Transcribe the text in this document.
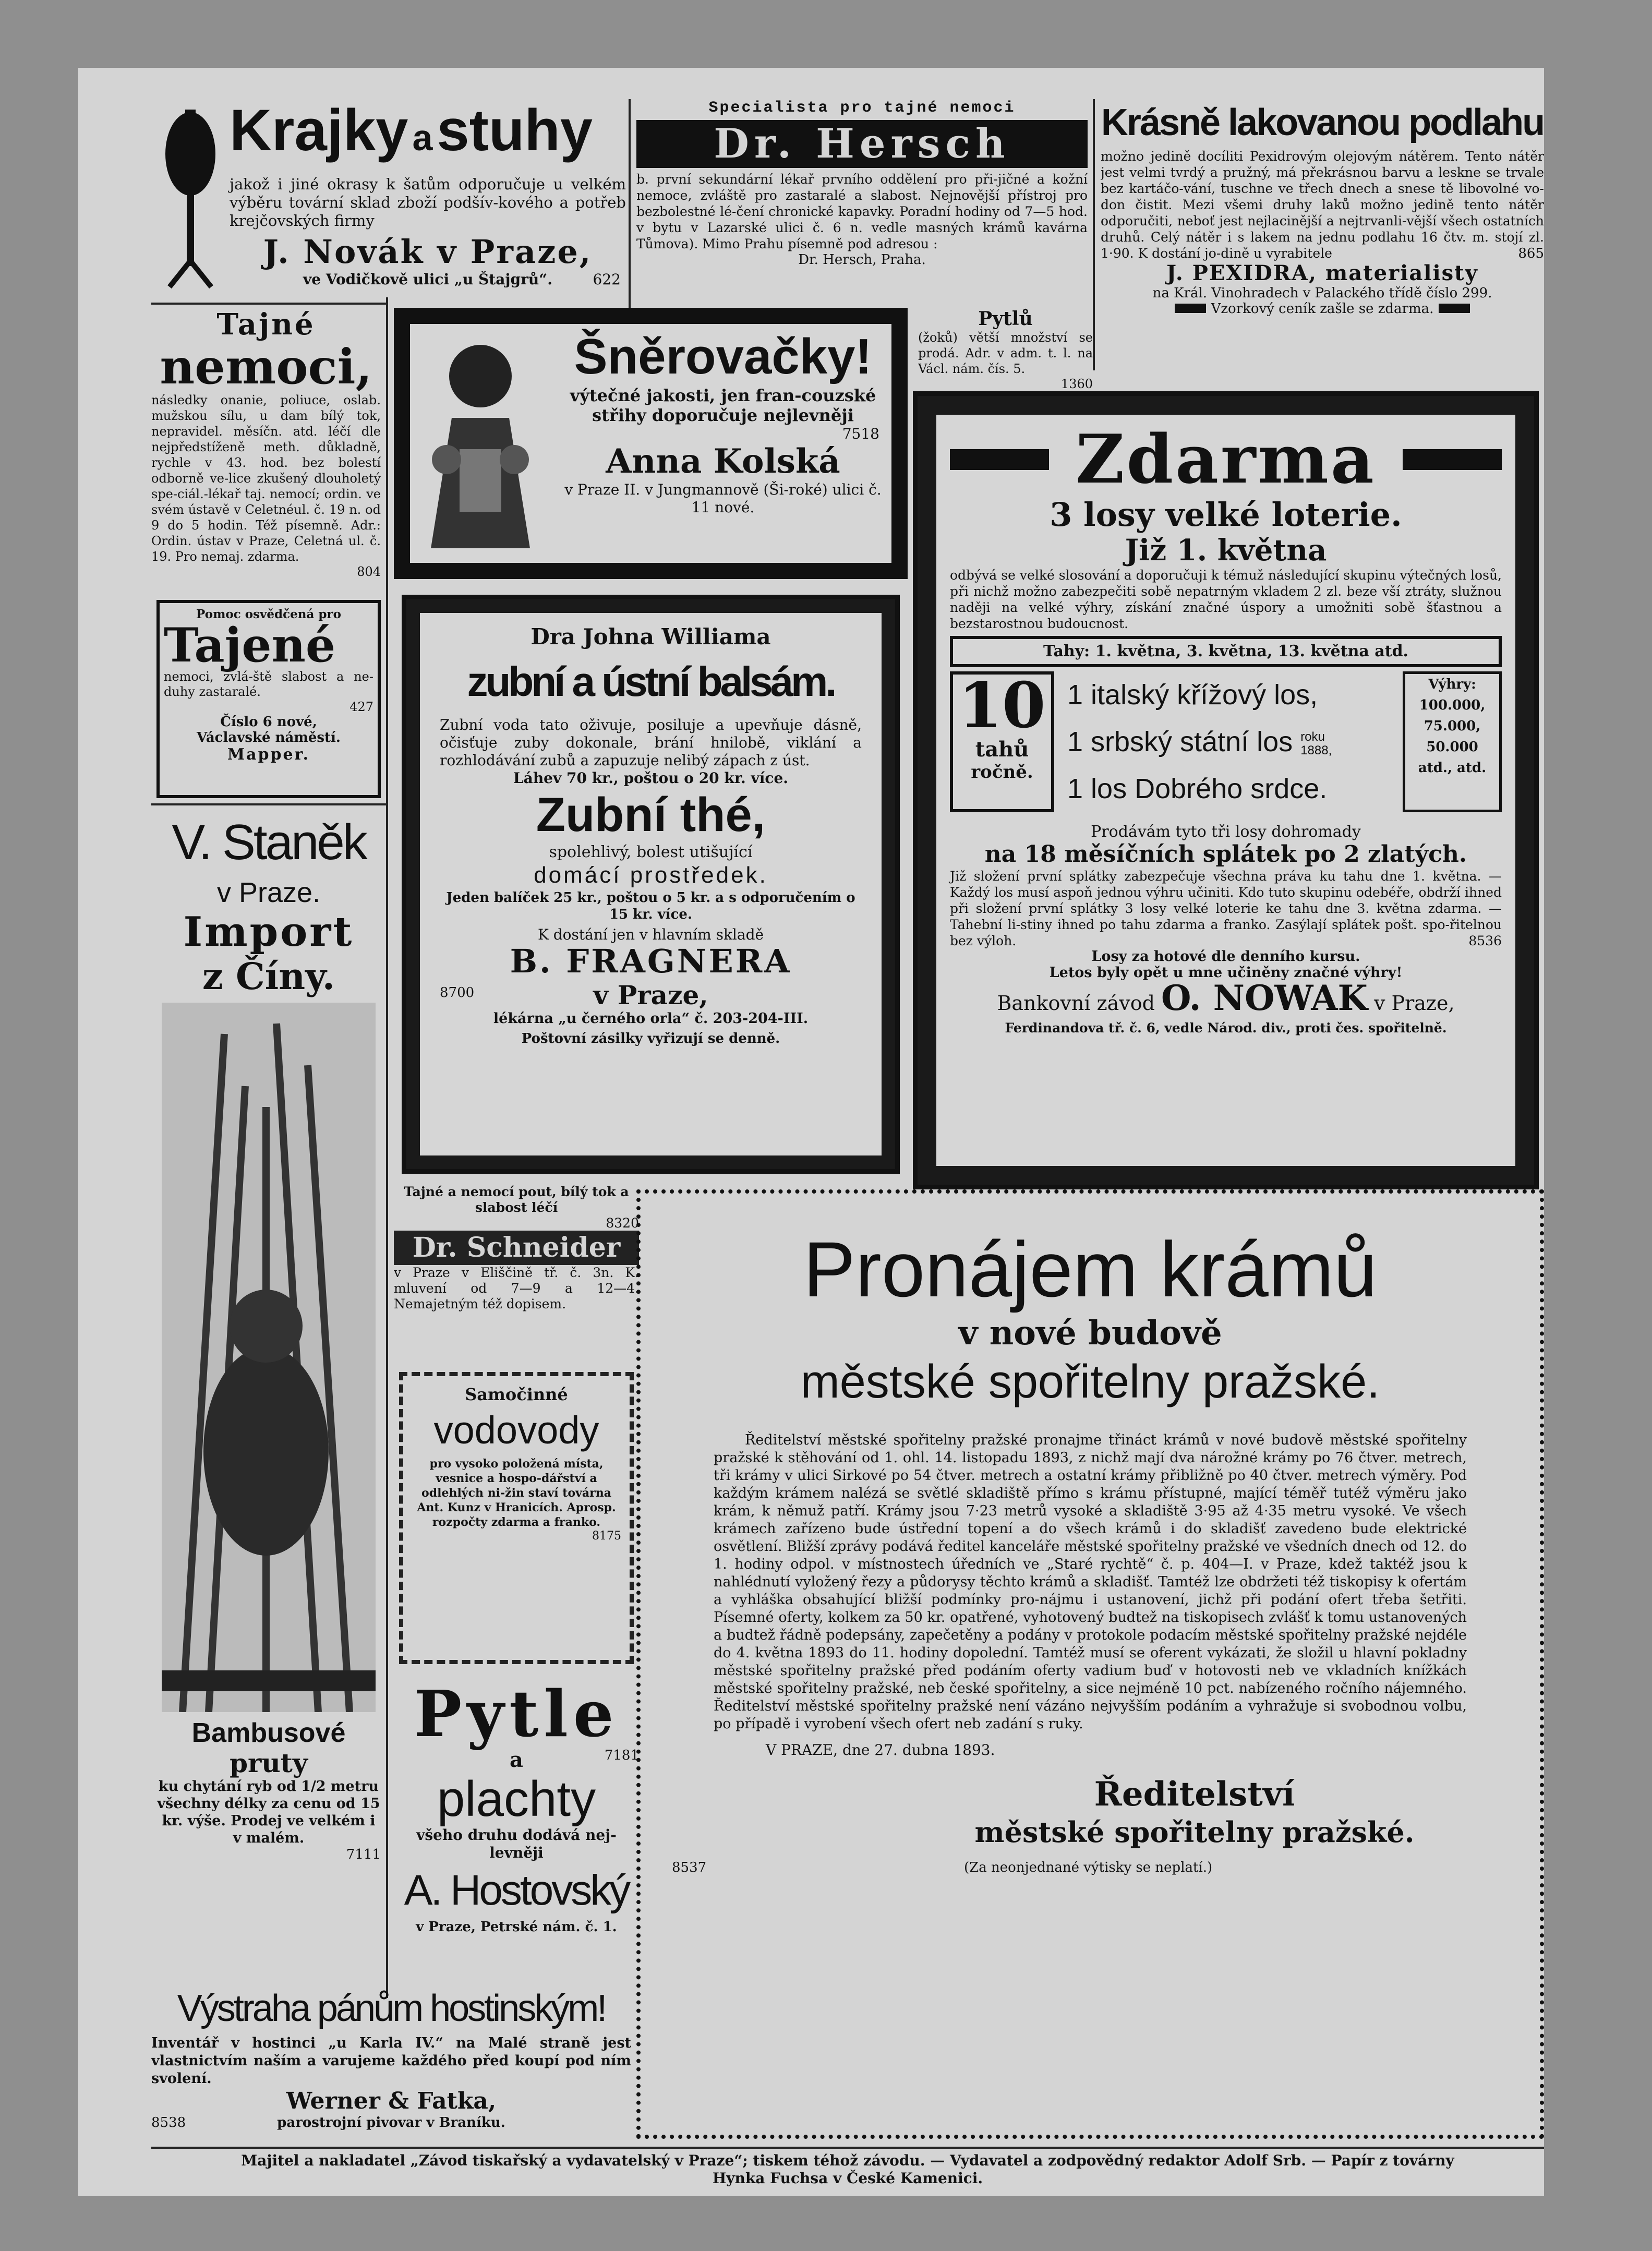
Krajky astuhy

jakož i jiné okrasy k šatům odporučuje u velkém výběru tovární sklad zboží podšív-kového a potřeb krejčovských firmy

J. Novák v Praze,

ve Vodičkově ulici „u Štajgrů“.	622

Specialista pro tajné nemoci

Dr. Hersch

b. první sekundární lékař prvního oddělení pro při-jičné a kožní nemoce, zvláště pro zastaralé a slabost. Nejnovější přístroj pro bezbolestné lé-čení chronické kapavky. Poradní hodiny od 7—5 hod. v bytu v Lazarské ulici č. 6 n. vedle masných krámů kavárna Tůmova). Mimo Prahu písemně pod adresou :

Dr. Hersch, Praha.

Krásně lakovanou podlahu

možno jedině docíliti Pexidrovým olejovým nátěrem. Tento nátěr jest velmi tvrdý a pružný, má překrásnou barvu a leskne se trvale bez kartáčo-vání, tuschne ve třech dnech a snese tě libovolné vo-don čistit. Mezi všemi druhy laků možno jedině tento nátěr odporučiti, neboť jest nejlacinější a nejtrvanli-vější všech ostatních druhů. Celý nátěr i s lakem na jednu podlahu 16 čtv. m. stojí zl. 1·90. K dostání jo-dině u vyrabitele	865

J. PEXIDRA, materialisty

na Král. Vinohradech v Palackého třídě číslo 299.

Vzorkový ceník zašle se zdarma.

Tajné

nemoci,

následky onanie, poliuce, oslab. mužskou sílu, u dam bílý tok, nepravidel. měsíčn. atd. léčí dle nejpředstíženě meth. důkladně, rychle v 43. hod. bez bolestí odborně ve-lice zkušený dlouholetý spe-ciál.-lékař taj. nemocí; ordin. ve svém ústavě v Celetnéul. č. 19 n. od 9 do 5 hodin. Též písemně. Adr.: Ordin. ústav v Praze, Celetná ul. č. 19. Pro nemaj. zdarma.

804

Šněrovačky!

výtečné jakosti, jen fran-couzské střihy doporučuje nejlevněji

7518

Anna Kolská

v Praze II. v Jungmannově (Ši-roké) ulici č. 11 nové.

Pytlů

(žoků) větší množství se prodá. Adr. v adm. t. l. na Václ. nám. čís. 5.

1360

Pomoc osvědčená pro

Tajené

nemoci, zvlá-ště slabost a ne-duhy zastaralé.

427

Číslo 6 nové,

Václavské náměstí.

Mapper.

Dra Johna Williama

zubní a ústní balsám.

Zubní voda tato oživuje, posiluje a upevňuje dásně, očisťuje zuby dokonale, brání hnilobě, viklání a rozhlodávání zubů a zapuzuje nelibý zápach z úst.

Láhev 70 kr., poštou o 20 kr. více.

Zubní thé,

spolehlivý, bolest utišující

domácí prostředek.

Jeden balíček 25 kr., poštou o 5 kr. a s odporučením o 15 kr. více.

K dostání jen v hlavním skladě

B. FRAGNERA

8700	v Praze,

lékárna „u černého orla“ č. 203-204-III.

Poštovní zásilky vyřizují se denně.

Zdarma

3 losy velké loterie.

Již 1. května

odbývá se velké slosování a doporučuji k témuž následující skupinu výtečných losů, při nichž možno zabezpečiti sobě nepatrným vkladem 2 zl. beze vší ztráty, služnou naději na velké výhry, získání značné úspory a umožniti sobě šťastnou a bezstarostnou budoucnost.

Tahy: 1. května, 3. května, 13. května atd.

10

tahů

ročně.

1 italský křížový los,

1 srbský státní los roku
1888,

1 los Dobrého srdce.

Výhry:

100.000,

75.000,

50.000

atd., atd.

Prodávám tyto tři losy dohromady

na 18 měsíčních splátek po 2 zlatých.

Již složení první splátky zabezpečuje všechna práva ku tahu dne 1. května. — Každý los musí aspoň jednou výhru učiniti. Kdo tuto skupinu odebéře, obdrží ihned při složení první splátky 3 losy velké loterie ke tahu dne 3. května zdarma. — Tahební li-stiny ihned po tahu zdarma a franko. Zasýlají splátek pošt. spo-řitelnou bez výloh.	8536

Losy za hotové dle denního kursu.

Letos byly opět u mne učiněny značné výhry!

Bankovní závod O. NOWAK v Praze,

Ferdinandova tř. č. 6, vedle Národ. div., proti čes. spořitelně.

V. Staněk

v Praze.

Import

z Číny.

Bambusové

pruty

ku chytání ryb od 1/2 metru všechny délky za cenu od 15 kr. výše. Prodej ve velkém i v malém.

7111

Tajné a nemocí pout, bílý tok a slabost léčí

8320

Dr. Schneider

v Praze v Eliščině tř. č. 3n. K. mluvení od 7—9 a 12—4. Nemajetným též dopisem.

Samočinné

vodovody

pro vysoko položená místa, vesnice a hospo-dářství a odlehlých ni-žin staví továrna Ant. Kunz v Hranicích. Aprosp. rozpočty zdarma a franko.

8175

Pytle

a	7181

plachty

všeho druhu dodává nej-levněji

A. Hostovský

v Praze, Petrské nám. č. 1.

Pronájem krámů

v nové budově

městské spořitelny pražské.

Ředitelství městské spořitelny pražské pronajme třináct krámů v nové budově městské spořitelny pražské k stěhování od 1. ohl. 14. listopadu 1893, z nichž mají dva nárožné krámy po 76 čtver. metrech, tři krámy v ulici Sirkové po 54 čtver. metrech a ostatní krámy přibližně po 40 čtver. metrech výměry. Pod každým krámem nalézá se světlé skladiště přímo s krámu přístupné, mající téměř tutéž výměru jako krám, k němuž patří. Krámy jsou 7·23 metrů vysoké a skladiště 3·95 až 4·35 metru vysoké. Ve všech krámech zařízeno bude ústřední topení a do všech krámů i do skladišť zavedeno bude elektrické osvětlení. Bližší zprávy podává ředitel kanceláře městské spořitelny pražské ve všedních dnech od 12. do 1. hodiny odpol. v místnostech úředních ve „Staré rychtě“ č. p. 404—I. v Praze, kdež taktéž jsou k nahlédnutí vyložený řezy a půdorysy těchto krámů a skladišť. Tamtéž lze obdržeti též tiskopisy k ofertám a vyhláška obsahující bližší podmínky pro-nájmu i ustanovení, jichž při podání ofert třeba šetřiti. Písemné oferty, kolkem za 50 kr. opatřené, vyhotovený budtež na tiskopisech zvlášť k tomu ustanovených a budtež řádně podepsány, zapečetěny a podány v protokole podacím městské spořitelny pražské nejdéle do 4. května 1893 do 11. hodiny dopolední. Tamtéž musí se oferent vykázati, že složil u hlavní pokladny městské spořitelny pražské před podáním oferty vadium buď v hotovosti neb ve vkladních knížkách městské spořitelny pražské, neb české spořitelny, a sice nejméně 10 pct. nabízeného ročního nájemného. Ředitelství městské spořitelny pražské není vázáno nejvyšším podáním a vyhražuje si svobodnou volbu, po případě i vyrobení všech ofert neb zadání s ruky.

V PRAZE, dne 27. dubna 1893.

Ředitelství

městské spořitelny pražské.

8537	(Za neonjednané výtisky se neplatí.)

Výstraha pánům hostinským!

Inventář v hostinci „u Karla IV.“ na Malé straně jest vlastnictvím naším a varujeme každého před koupí pod ním svolení.

Werner & Fatka,

8538	parostrojní pivovar v Braníku.

Majitel a nakladatel „Závod tiskařský a vydavatelský v Praze“; tiskem téhož závodu. — Vydavatel a zodpovědný redaktor Adolf Srb. — Papír z továrny

Hynka Fuchsa v České Kamenici.
